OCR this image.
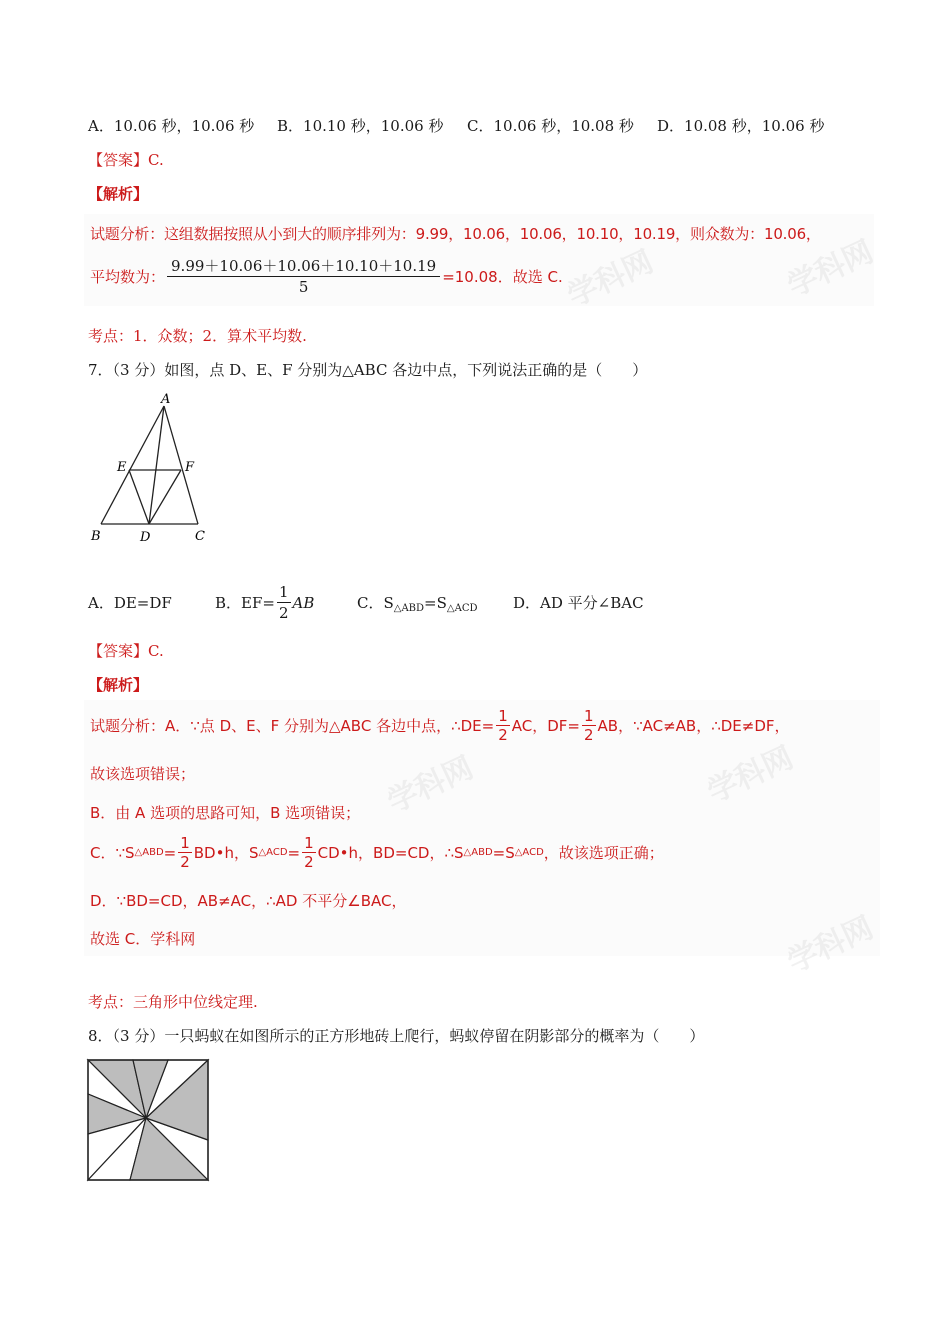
A．10.06 秒，10.06 秒 B．10.10 秒，10.06 秒 C．10.06 秒，10.08 秒 D．10.08 秒，10.06 秒
【答案】C.
【解析】
学科网	学科网
试题分析：这组数据按照从小到大的顺序排列为：9.99，10.06，10.06，10.10，10.19，则众数为：10.06，
平均数为： $\frac{9.99+10.06+10.06+10.10+10.19}{5} =10.08$．故选 C.
考点：1．众数；2．算术平均数.
7．（3 分）如图，点 D、E、F 分别为△ABC 各边中点，下列说法正确的是（　　）
A
E	F
B	D	C
A．DE=DF	B．$EF= \frac{1}{2}$ AB	C．$S_{\triangle ABD}=S_{\triangle ACD}$ D．AD 平分∠BAC
【答案】C.
【解析】
学科网	学科网
学科网
试题分析：A．∵点 D、E、F 分别为△ABC 各边中点，∴DE= $\frac{1}{2}$ AC，$DF= \frac{1}{2}$ AB，∵AC≠AB，∴DE≠DF，
故该选项错误；
B．由 A 选项的思路可知，B 选项错误；
C．∵S △ABD = $\frac{1}{2}$ BD•h，S △ACD = $\frac{1}{2}$ CD•h，BD=CD，∴S △ABD =S △ACD ，故该选项正确；
D．∵BD=CD，AB≠AC，∴AD 不平分∠BAC，
故选 C．学科网
考点：三角形中位线定理.
8．（3 分）一只蚂蚁在如图所示的正方形地砖上爬行，蚂蚁停留在阴影部分的概率为（　　）
